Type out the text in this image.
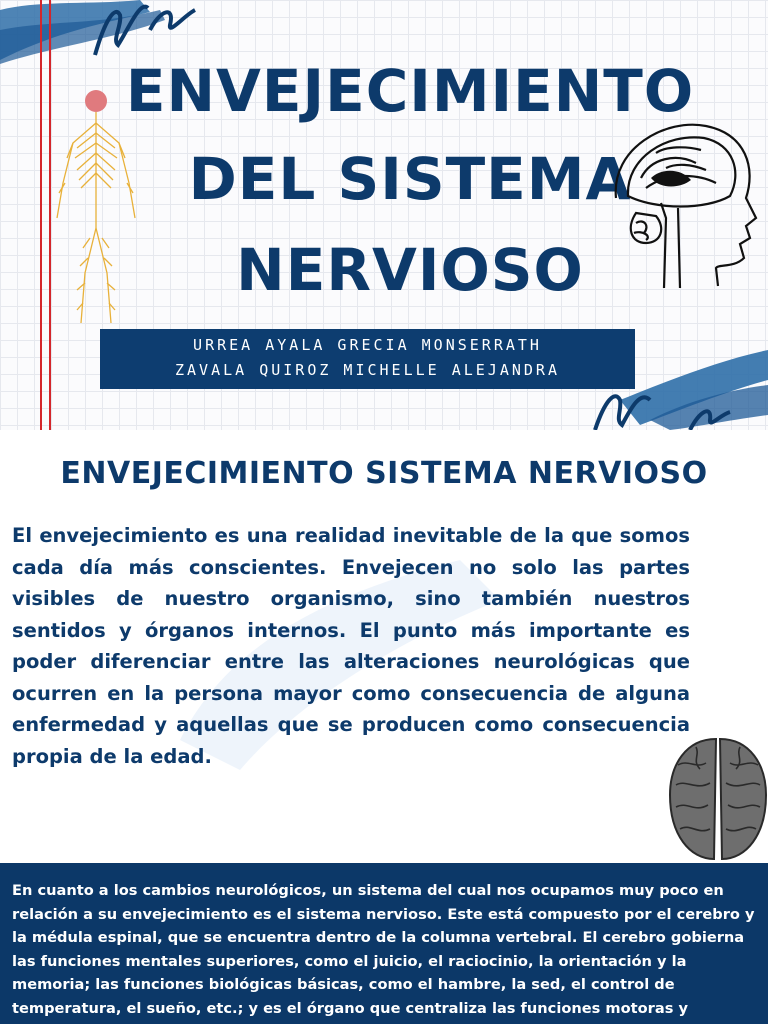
ENVEJECIMIENTO
DEL SISTEMA
NERVIOSO
URREA AYALA GRECIA MONSERRATH
ZAVALA QUIROZ MICHELLE ALEJANDRA
ENVEJECIMIENTO SISTEMA NERVIOSO

El envejecimiento es una realidad inevitable de la que somos cada día más conscientes. Envejecen no solo las partes visibles de nuestro organismo, sino también nuestros sentidos y órganos internos. El punto más importante es poder diferenciar entre las alteraciones neurológicas que ocurren en la persona mayor como consecuencia de alguna enfermedad y aquellas que se producen como consecuencia propia de la edad.

En cuanto a los cambios neurológicos, un sistema del cual nos ocupamos muy poco en relación a su envejecimiento es el sistema nervioso. Este está compuesto por el cerebro y la médula espinal, que se encuentra dentro de la columna vertebral. El cerebro gobierna las funciones mentales superiores, como el juicio, el raciocinio, la orientación y la memoria; las funciones biológicas básicas, como el hambre, la sed, el control de temperatura, el sueño, etc.; y es el órgano que centraliza las funciones motoras y
